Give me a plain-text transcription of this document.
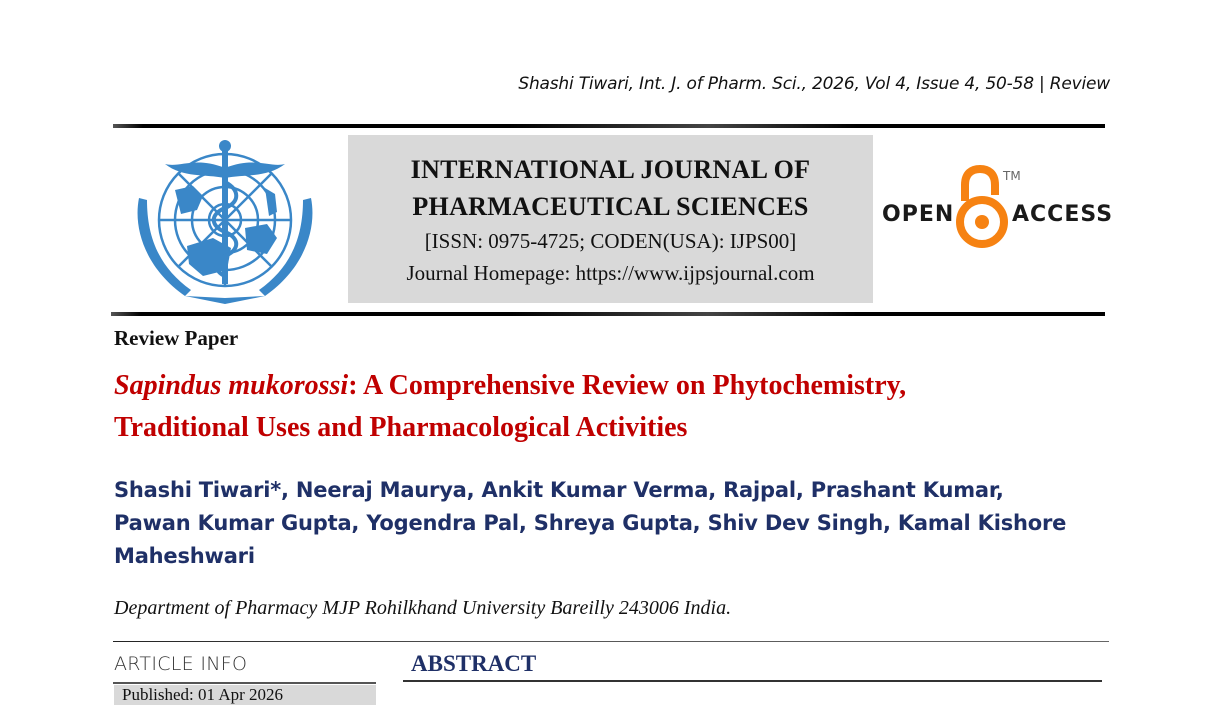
Shashi Tiwari, Int. J. of Pharm. Sci., 2026, Vol 4, Issue 4, 50-58 | Review
INTERNATIONAL JOURNAL OF
PHARMACEUTICAL SCIENCES
[ISSN: 0975-4725; CODEN(USA): IJPS00]
Journal Homepage: https://www.ijpsjournal.com
OPEN
TM
ACCESS
Review Paper
Sapindus mukorossi: A Comprehensive Review on Phytochemistry,
Traditional Uses and Pharmacological Activities
Shashi Tiwari*, Neeraj Maurya, Ankit Kumar Verma, Rajpal, Prashant Kumar,
Pawan Kumar Gupta, Yogendra Pal, Shreya Gupta, Shiv Dev Singh, Kamal Kishore
Maheshwari
Department of Pharmacy MJP Rohilkhand University Bareilly 243006 India.
ARTICLE INFO
Published: 01 Apr 2026
ABSTRACT
